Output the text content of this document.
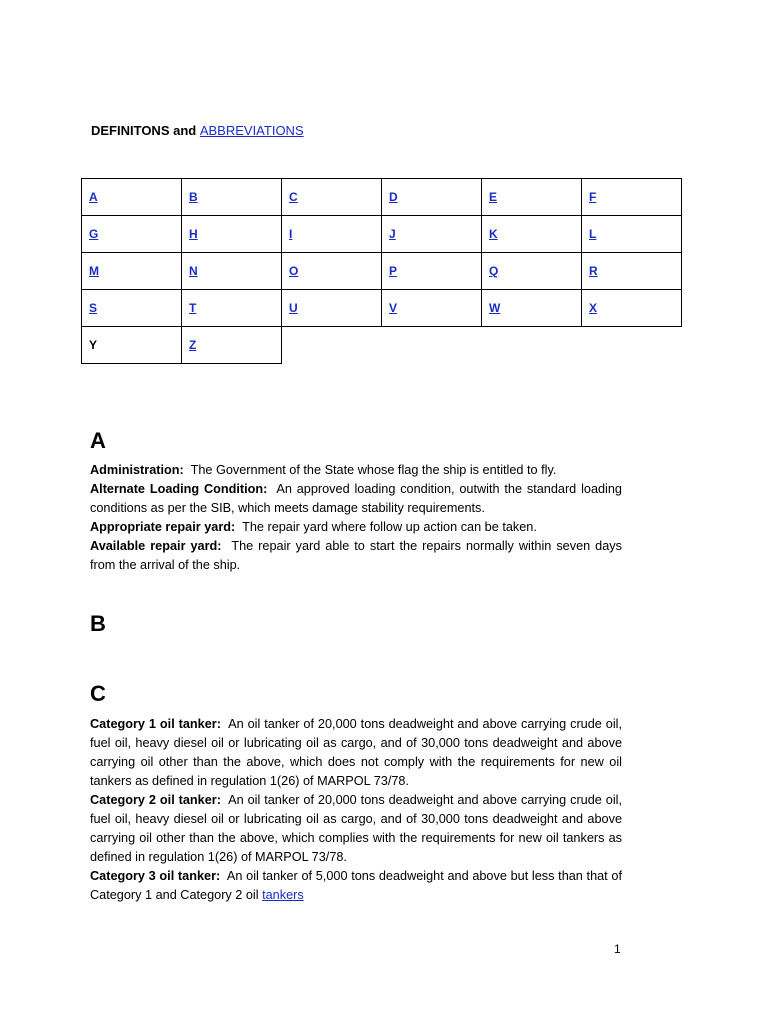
DEFINITONS and ABBREVIATIONS
A	B	C	D	E	F
G	H	I	J	K	L
M	N	O	P	Q	R
S	T	U	V	W	X
Y	Z				
A

Administration: The Government of the State whose flag the ship is entitled to fly.

Alternate Loading Condition: An approved loading condition, outwith the standard loading conditions as per the SIB, which meets damage stability requirements.

Appropriate repair yard: The repair yard where follow up action can be taken.

Available repair yard: The repair yard able to start the repairs normally within seven days from the arrival of the ship.

B
C

Category 1 oil tanker: An oil tanker of 20,000 tons deadweight and above carrying crude oil, fuel oil, heavy diesel oil or lubricating oil as cargo, and of 30,000 tons deadweight and above carrying oil other than the above, which does not comply with the requirements for new oil tankers as defined in regulation 1(26) of MARPOL 73/78.

Category 2 oil tanker: An oil tanker of 20,000 tons deadweight and above carrying crude oil, fuel oil, heavy diesel oil or lubricating oil as cargo, and of 30,000 tons deadweight and above carrying oil other than the above, which complies with the requirements for new oil tankers as defined in regulation 1(26) of MARPOL 73/78.

Category 3 oil tanker: An oil tanker of 5,000 tons deadweight and above but less than that of Category 1 and Category 2 oil tankers

1
